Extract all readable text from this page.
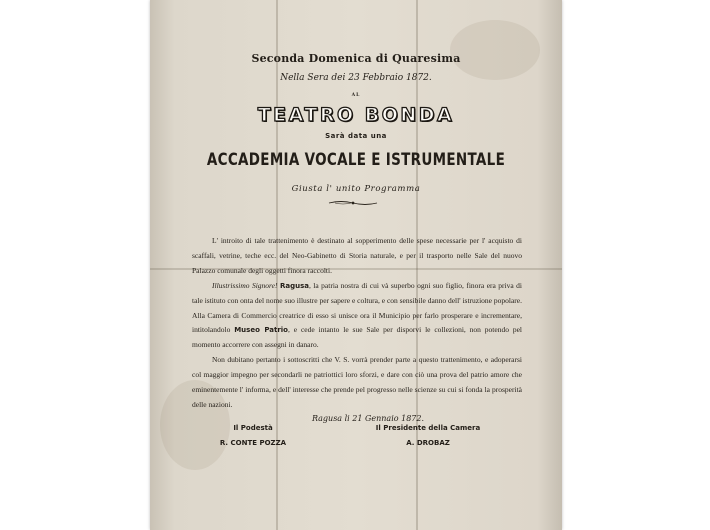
Seconda Domenica di Quaresima
Nella Sera dei 23 Febbraio 1872.
AL
TEATRO BONDA
Sarà data una
ACCADEMIA VOCALE E ISTRUMENTALE
Giusta l' unito Programma

L' introito di tale trattenimento è destinato al sopperimento delle spese necessarie per l' acquisto di scaffali, vetrine, teche ecc. del Neo-Gabinetto di Storia naturale, e per il trasporto nelle Sale del nuovo Palazzo comunale degli oggetti finora raccolti.

Illustrissimo Signore! Ragusa, la patria nostra di cui và superbo ogni suo figlio, finora era priva di tale istituto con onta del nome suo illustre per sapere e coltura, e con sensibile danno dell' istruzione popolare. Alla Camera di Commercio creatrice di esso si unisce ora il Municipio per farlo prosperare e incrementare, intitolandolo Museo Patrio, e cede intanto le sue Sale per disporvi le collezioni, non potendo pel momento accorrere con assegni in danaro.

Non dubitano pertanto i sottoscritti che V. S. vorrà prender parte a questo trattenimento, e adoperarsi col maggior impegno per secondarli ne patriottici loro sforzi, e dare con ciò una prova del patrio amore che eminentemente l' informa, e dell' interesse che prende pel progresso nelle scienze su cui si fonda la prosperità delle nazioni.

Ragusa li 21 Gennaio 1872.
Il Podestà
R. CONTE POZZA
Il Presidente della Camera
A. DROBAZ
